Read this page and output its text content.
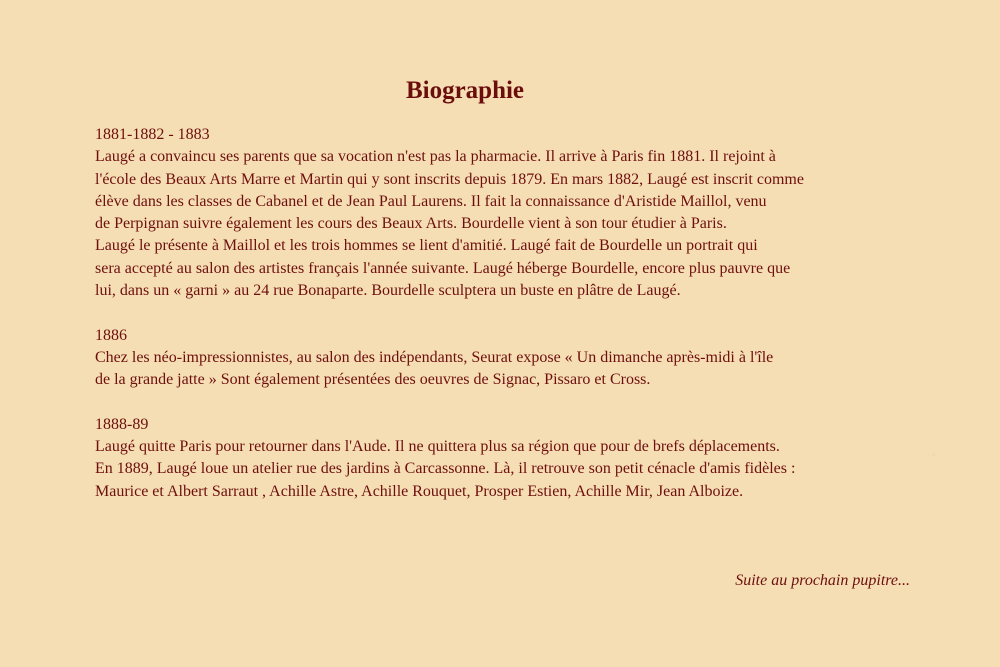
Biographie
1881-1882 - 1883
Laugé a convaincu ses parents que sa vocation n'est pas la pharmacie. Il arrive à Paris fin 1881. Il rejoint à
l'école des Beaux Arts Marre et Martin qui y sont inscrits depuis 1879. En mars 1882, Laugé est inscrit comme
élève dans les classes de Cabanel et de Jean Paul Laurens. Il fait la connaissance d'Aristide Maillol, venu
de Perpignan suivre également les cours des Beaux Arts. Bourdelle vient à son tour étudier à Paris.
Laugé le présente à Maillol et les trois hommes se lient d'amitié. Laugé fait de Bourdelle un portrait qui
sera accepté au salon des artistes français l'année suivante. Laugé héberge Bourdelle, encore plus pauvre que
lui, dans un « garni » au 24 rue Bonaparte. Bourdelle sculptera un buste en plâtre de Laugé.
1886
Chez les néo-impressionnistes, au salon des indépendants, Seurat expose « Un dimanche après-midi à l'île
de la grande jatte » Sont également présentées des oeuvres de Signac, Pissaro et Cross.
1888-89
Laugé quitte Paris pour retourner dans l'Aude. Il ne quittera plus sa région que pour de brefs déplacements.
En 1889, Laugé loue un atelier rue des jardins à Carcassonne. Là, il retrouve son petit cénacle d'amis fidèles :
Maurice et Albert Sarraut , Achille Astre, Achille Rouquet, Prosper Estien, Achille Mir, Jean Alboize.
◦
Suite au prochain pupitre...
